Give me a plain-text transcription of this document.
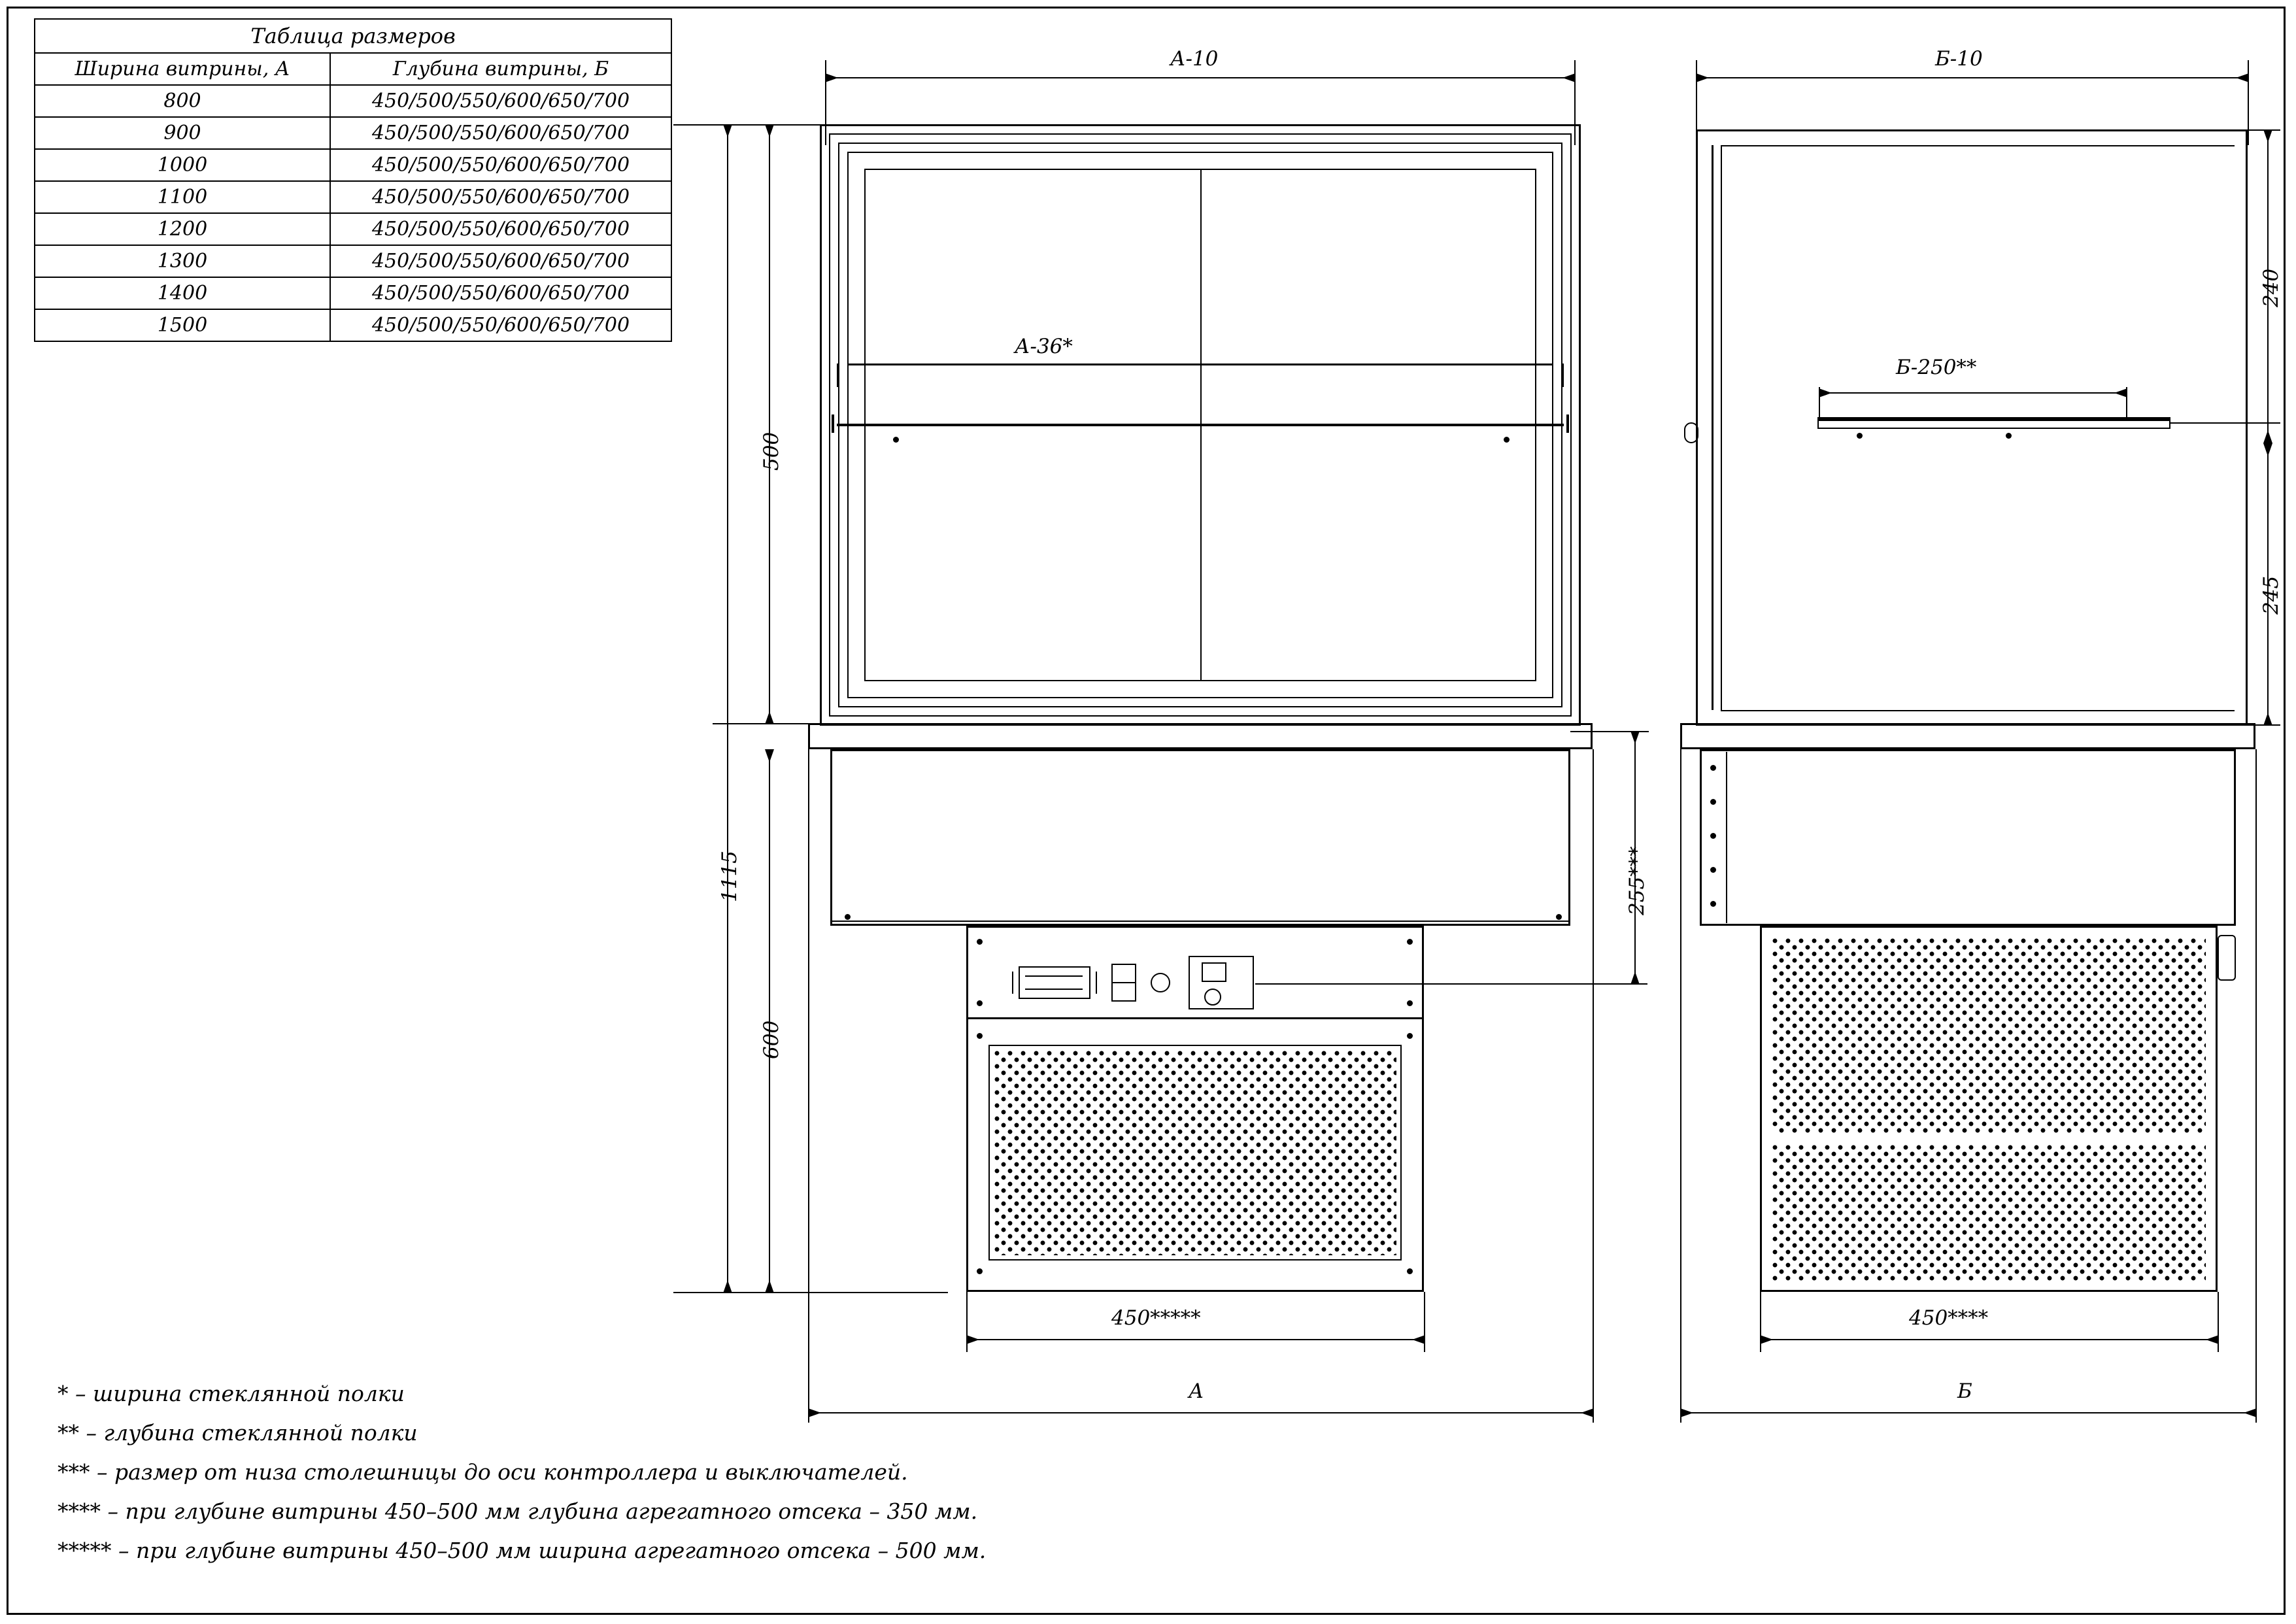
Таблица размеров	
Ширина витрины, А	Глубина витрины, Б
800	450/500/550/600/650/700
900	450/500/550/600/650/700
1000	450/500/550/600/650/700
1100	450/500/550/600/650/700
1200	450/500/550/600/650/700
1300	450/500/550/600/650/700
1400	450/500/550/600/650/700
1500	450/500/550/600/650/700
А-10
А-36*
500
1115
600
255***
450*****
А
Б-10
Б-250**
240
245
450****
Б
* – ширина стеклянной полки
** – глубина стеклянной полки
*** – размер от низа столешницы до оси контроллера и выключателей.
**** – при глубине витрины 450–500 мм глубина агрегатного отсека – 350 мм.
***** – при глубине витрины 450–500 мм ширина агрегатного отсека – 500 мм.
